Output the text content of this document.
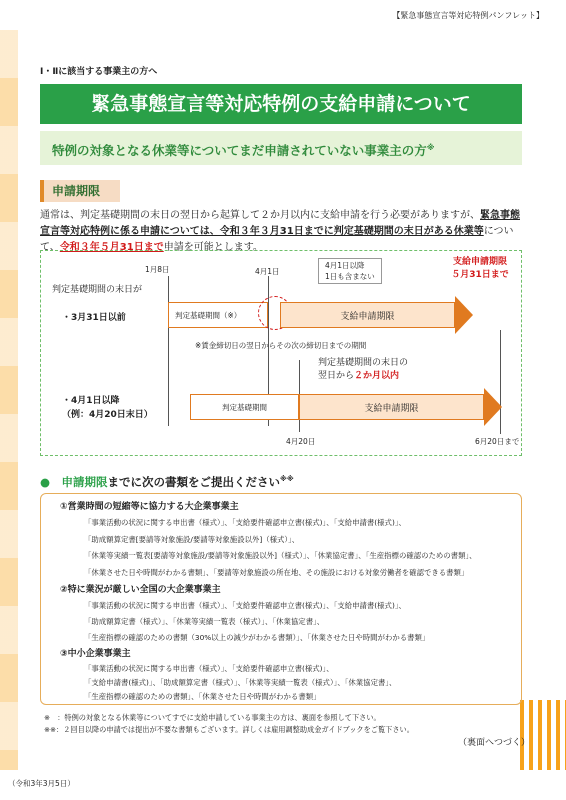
【緊急事態宣言等対応特例パンフレット】
Ⅰ・Ⅱに該当する事業主の方へ
緊急事態宣言等対応特例の支給申請について
特例の対象となる休業等についてまだ申請されていない事業主の方※
申請期限
通常は、判定基礎期間の末日の翌日から起算して２か月以内に支給申請を行う必要がありますが、緊急事態宣言等対応特例に係る申請については、令和３年３月31日までに判定基礎期間の末日がある休業等について、令和３年５月31日まで申請を可能とします。
1月8日	4月1日
4月1日以降
1日も含まない
支給申請期限
５月31日まで
判定基礎期間の末日が
・3月31日以前	判定基礎期間（※）	支給申請期限
※賃金締切日の翌日からその次の締切日までの期間
判定基礎期間の末日の
翌日から２か月以内
・4月1日以降
（例：4月20日末日）
判定基礎期間	支給申請期限
4月20日	6月20日まで
●　申請期限までに次の書類をご提出ください※※
①営業時間の短縮等に協力する大企業事業主
「事業活動の状況に関する申出書（様式）」、「支給要件確認申立書(様式)」、「支給申請書(様式)」、
「助成額算定書[要請等対象施設/要請等対象施設以外]（様式）」、
「休業等実績一覧表[要請等対象施設/要請等対象施設以外]（様式）」、「休業協定書」、「生産指標の確認のための書類」、
「休業させた日や時間がわかる書類」、「要請等対象施設の所在地、その施設における対象労働者を確認できる書類」
②特に業況が厳しい全国の大企業事業主
「事業活動の状況に関する申出書（様式）」、「支給要件確認申立書(様式)」、「支給申請書(様式)」、
「助成額算定書（様式）」、「休業等実績一覧表（様式）」、「休業協定書」、
「生産指標の確認のための書類（30%以上の減少がわかる書類）」、「休業させた日や時間がわかる書類」
③中小企業事業主
「事業活動の状況に関する申出書（様式）」、「支給要件確認申立書(様式)」、
「支給申請書(様式)」、「助成額算定書（様式）」、「休業等実績一覧表（様式）」、「休業協定書」、
「生産指標の確認のための書類」、「休業させた日や時間がわかる書類」
※　：特例の対象となる休業等についてすでに支給申請している事業主の方は、裏面を参照して下さい。
※※：２回目以降の申請では提出が不要な書類もございます。詳しくは雇用調整助成金ガイドブックをご覧下さい。
（裏面へつづく）
（令和3年3月5日）
